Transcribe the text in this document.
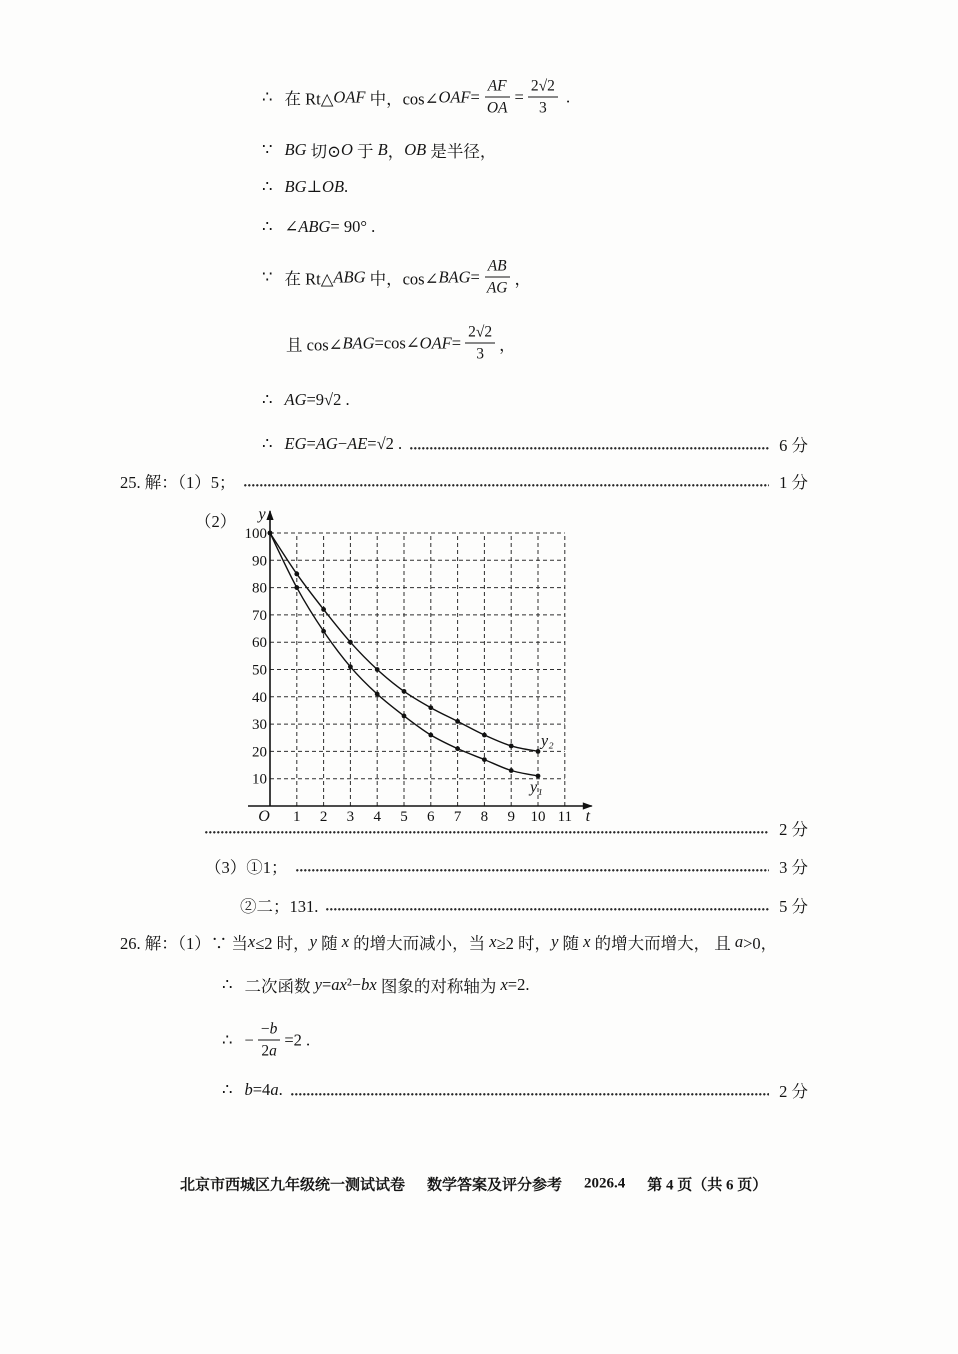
∴ 在 Rt△ OAF 中，cos∠ OAF = $\frac{AF}{OA} = \frac{2√2}{3}$ .
∵ BG 切⊙ O 于 B ， OB 是半径，
∴ BG ⊥ OB .
∴ ∠ ABG = 90° .
∵ 在 Rt△ ABG 中，cos∠ BAG = $\frac{AB}{AG}$ ，
且 cos∠ BAG =cos∠ OAF = $\frac{2√2}{3}$ ，
∴ AG =9√2 .
∴ EG = AG − AE =√2 .	6 分
25. 解：（1）5；	1 分
（2）
1 2 3 4 5 6 7 8 9 10 11
10
20
30
40
50
60
70
80
90
100
y
t
O
y₂
y₁
2 分
（3）①1；	3 分
②二；131.	5 分
26. 解：（1）∵ 当 x ≤2 时， y 随 x 的增大而减小，当 x ≥2 时， y 随 x 的增大而增大， 且 a >0，
∴ 二次函数 y = ax ² − bx 图象的对称轴为 x =2.
∴ − $\frac{-b}{2a} =2$ .
∴ b =4 a .	2 分
北京市西城区九年级统一测试试卷 数学答案及评分参考 2026.4 第 4 页（共 6 页）
